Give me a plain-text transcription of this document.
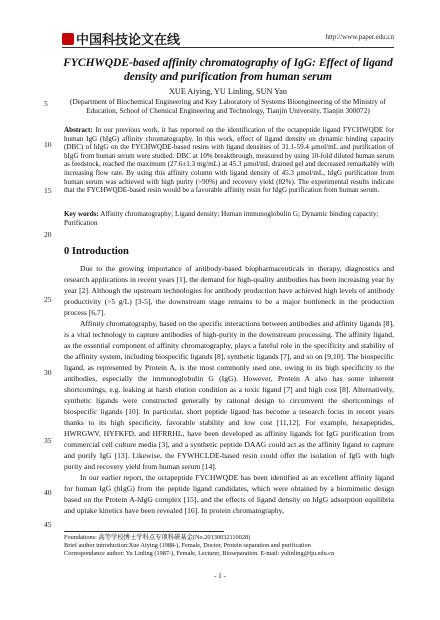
中国科技论文在线	http://www.paper.edu.cn
FYCHWQDE-based affinity chromatography of IgG: Effect of ligand density and purification from human serum
XUE Aiying, YU Linling, SUN Yan
(Department of Biochemical Engineering and Key Laboratory of Systems Bioengineering of the Ministry of Education, School of Chemical Engineering and Technology, Tianjin University, Tianjin 300072)
Abstract: In our previous work, it has reported on the identification of the octapeptide ligand FYCHWQDE for human IgG (hIgG) affinity chromatography. In this work, effect of ligand density on dynamic binding capacity (DBC) of hIgG on the FYCHWQDE-based resins with ligand densities of 31.1-59.4 μmol/mL and purification of hIgG from human serum were studied. DBC at 10% breakthrough, measured by using 10-fold diluted human serum as feedstock, reached the maximum (27.6±1.3 mg/mL) at 45.3 μmol/mL drained gel and decreased remarkably with increasing flow rate. By using this affinity column with ligand density of 45.3 μmol/mL, hIgG purification from human serum was achieved with high purity (>90%) and recovery yield (82%). The experimental results indicate that the FYCHWQDE-based resin would be a favorable affinity resin for hIgG purification from human serum.
Key words: Affinity chromatography; Ligand density; Human immunoglobulin G; Dynamic binding capacity; Purification
0 Introduction

Due to the growing importance of antibody-based biopharmaceuticals in therapy, diagnostics and research applications in recent years [1], the demand for high-quality antibodies has been increasing year by year [2]. Although the upstream technologies for antibody production have achieved high levels of antibody productivity (>5 g/L) [3-5], the downstream stage remains to be a major bottleneck in the production process [6,7].

Affinity chromatography, based on the specific interactions between antibodies and affinity ligands [8], is a vital technology to capture antibodies of high-purity in the downstream processing. The affinity ligand, as the essential component of affinity chromatography, plays a fateful role in the specificity and stability of the affinity system, including biospecific ligands [8], synthetic ligands [7], and so on [9,10]. The biospecific ligand, as represented by Protein A, is the most commonly used one, owing to its high specificity to the antibodies, especially the immunoglobulin G (IgG). However, Protein A also has some inherent shortcomings, e.g. leaking at harsh elution condition as a toxic ligand [7] and high cost [8]. Alternatively, synthetic ligands were constructed generally by rational design to circumvent the shortcomings of biospecific ligands [10]. In particular, short peptide ligand has become a research focus in recent years thanks to its high specificity, favorable stability and low cost [11,12]. For example, hexapeptides, HWRGWV, HYFKFD, and HFRRHL, have been developed as affinity ligands for IgG purification from commercial cell culture media [3], and a synthetic peptide DAAG could act as the affinity ligand to capture and purify IgG [13]. Likewise, the FYWHCLDE-based resin could offer the isolation of IgG with high purity and recovery yield from human serum [14].

In our earlier report, the octapeptide FYCHWQDE has been identified as an excellent affinity ligand for human IgG (hIgG) from the peptide ligand candidates, which were obtained by a biomimetic design based on the Protein A-hIgG complex [15], and the effects of ligand density on hIgG adsorption equilibria and uptake kinetics have been revealed [16]. In protein chromatography,

5
10
15
20
25
30
35
40
45
Foundations: 高等学校博士学科点专项科研基金(No.20130032110028)
Brief author introduction:Xue Aiying (1988-), Female, Doctor, Protein separation and purification
Correspondance author: Yu Linling (1987-), Female, Lecturer, Bioseparation. E-mail: yulinling@tju.edu.cn
- 1 -
